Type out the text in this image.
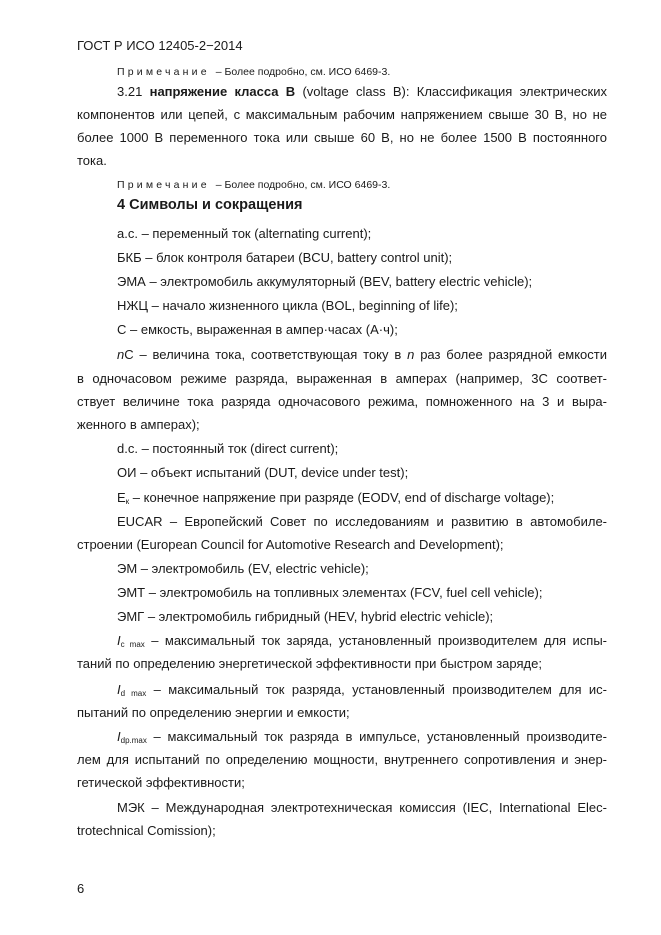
ГОСТ Р ИСО 12405-2−2014
Примечание – Более подробно, см. ИСО 6469-3.
3.21 напряжение класса В (voltage class B): Классификация электрических
компонентов или цепей, с максимальным рабочим напряжением свыше 30 В, но не
более 1000 В переменного тока или свыше 60 В, но не более 1500 В постоянного
тока.
Примечание – Более подробно, см. ИСО 6469-3.
4 Символы и сокращения
a.c. – переменный ток (alternating current);
БКБ – блок контроля батареи (BCU, battery control unit);
ЭМА – электромобиль аккумуляторный (BEV, battery electric vehicle);
НЖЦ – начало жизненного цикла (BOL, beginning of life);
С – емкость, выраженная в ампер·часах (А·ч);
nC – величина тока, соответствующая току в n раз более разрядной емкости
в одночасовом режиме разряда, выраженная в амперах (например, 3С соответ-
ствует величине тока разряда одночасового режима, помноженного на 3 и выра-
женного в амперах);
d.c. – постоянный ток (direct current);
ОИ – объект испытаний (DUT, device under test);
$Е_к$ – конечное напряжение при разряде (EODV, end of discharge voltage);
EUCAR – Европейский Совет по исследованиям и развитию в автомобиле-
строении (European Council for Automotive Research and Development);
ЭМ – электромобиль (EV, electric vehicle);
ЭМТ – электромобиль на топливных элементах (FCV, fuel cell vehicle);
ЭМГ – электромобиль гибридный (HEV, hybrid electric vehicle);
$I_{c max}$ – максимальный ток заряда, установленный производителем для испы-
таний по определению энергетической эффективности при быстром заряде;
$I_{d max}$ – максимальный ток разряда, установленный производителем для ис-
пытаний по определению энергии и емкости;
$I_{dp.max}$ – максимальный ток разряда в импульсе, установленный производите-
лем для испытаний по определению мощности, внутреннего сопротивления и энер-
гетической эффективности;
МЭК – Международная электротехническая комиссия (IEC, International Elec-
trotechnical Comission);
6
